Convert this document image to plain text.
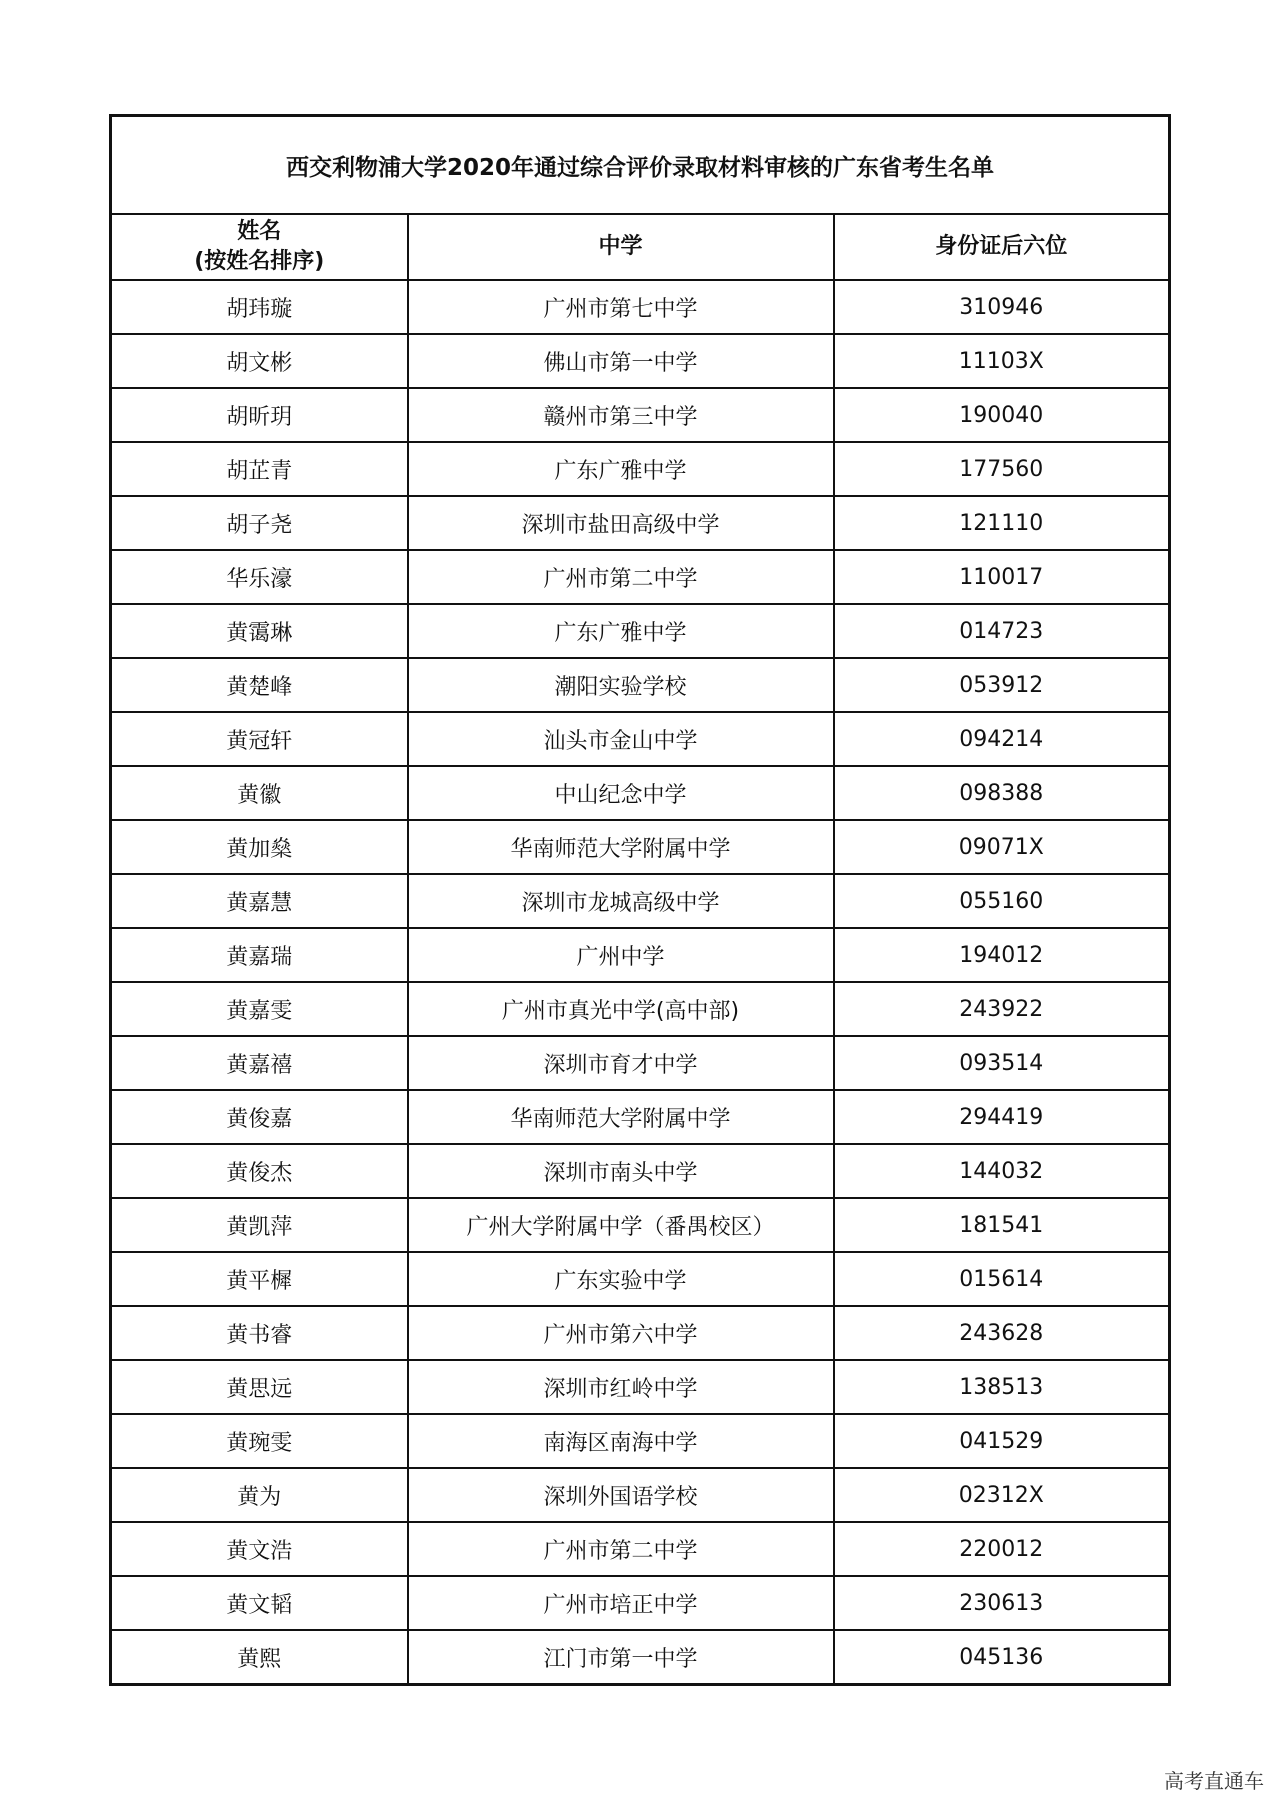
西交利物浦大学2020年通过综合评价录取材料审核的广东省考生名单		

姓名
(按姓名排序)	中学	身份证后六位
胡玮璇	广州市第七中学	310946
胡文彬	佛山市第一中学	11103X
胡昕玥	赣州市第三中学	190040
胡芷青	广东广雅中学	177560
胡子尧	深圳市盐田高级中学	121110
华乐濠	广州市第二中学	110017
黄霭琳	广东广雅中学	014723
黄楚峰	潮阳实验学校	053912
黄冠轩	汕头市金山中学	094214
黄徽	中山纪念中学	098388
黄加燊	华南师范大学附属中学	09071X
黄嘉慧	深圳市龙城高级中学	055160
黄嘉瑞	广州中学	194012
黄嘉雯	广州市真光中学(高中部)	243922
黄嘉禧	深圳市育才中学	093514
黄俊嘉	华南师范大学附属中学	294419
黄俊杰	深圳市南头中学	144032
黄凯萍	广州大学附属中学（番禺校区）	181541
黄平樨	广东实验中学	015614
黄书睿	广州市第六中学	243628
黄思远	深圳市红岭中学	138513
黄琬雯	南海区南海中学	041529
黄为	深圳外国语学校	02312X
黄文浩	广州市第二中学	220012
黄文韬	广州市培正中学	230613
黄熙	江门市第一中学	045136
高考直通车
